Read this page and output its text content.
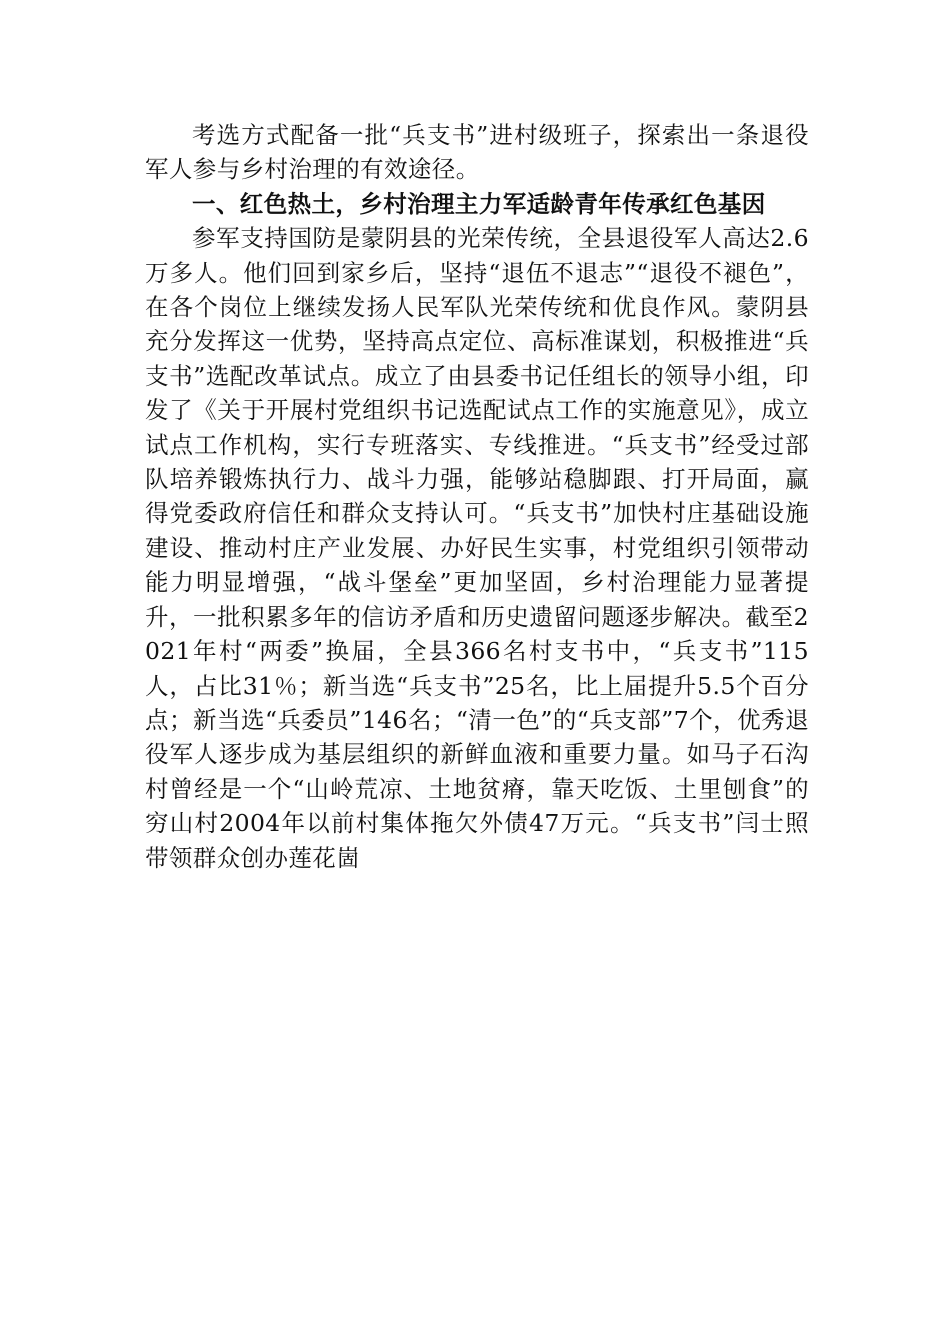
考选方式配备一批“兵支书”进村级班子，探索出一条退役军人参与乡村治理的有效途径。

一、红色热土，乡村治理主力军适龄青年传承红色基因

参军支持国防是蒙阴县的光荣传统，全县退役军人高达2.6万多人。他们回到家乡后，坚持“退伍不退志”“退役不褪色”，在各个岗位上继续发扬人民军队光荣传统和优良作风。蒙阴县充分发挥这一优势，坚持高点定位、高标准谋划，积极推进“兵支书”选配改革试点。成立了由县委书记任组长的领导小组，印发了《关于开展村党组织书记选配试点工作的实施意见》，成立试点工作机构，实行专班落实、专线推进。“兵支书”经受过部队培养锻炼执行力、战斗力强，能够站稳脚跟、打开局面，赢得党委政府信任和群众支持认可。“兵支书”加快村庄基础设施建设、推动村庄产业发展、办好民生实事，村党组织引领带动能力明显增强，“战斗堡垒”更加坚固，乡村治理能力显著提升，一批积累多年的信访矛盾和历史遗留问题逐步解决。截至2021年村“两委”换届，全县366名村支书中，“兵支书”115人，占比31％；新当选“兵支书”25名，比上届提升5.5个百分点；新当选“兵委员”146名；“清一色”的“兵支部”7个，优秀退役军人逐步成为基层组织的新鲜血液和重要力量。如马子石沟村曾经是一个“山岭荒凉、土地贫瘠，靠天吃饭、土里刨食”的穷山村2004年以前村集体拖欠外债47万元。“兵支书”闫士照带领群众创办莲花崮
